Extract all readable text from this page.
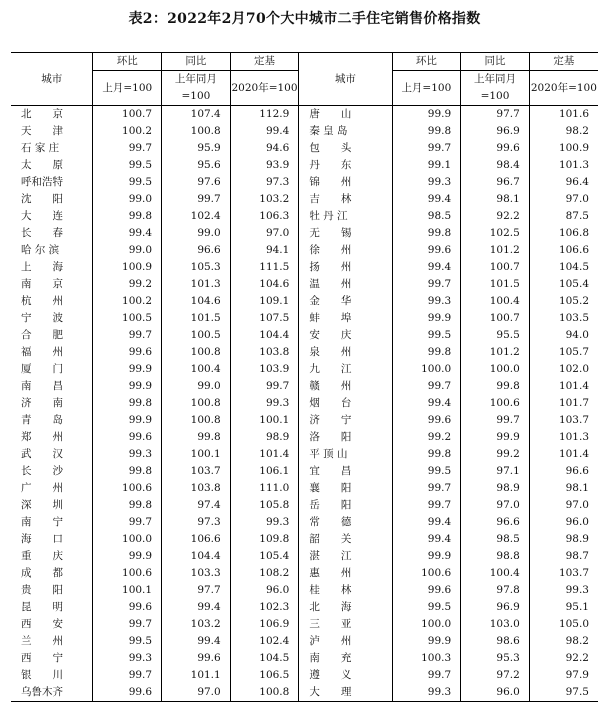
表2：2022年2月70个大中城市二手住宅销售价格指数
城市	环比	同比	定基	城市	环比	同比	定基
	上月=100	上年同月=100	2020年=100		上月=100	上年同月=100	2020年=100
北　　京	100.7	107.4	112.9	唐　　山	99.9	97.7	101.6
天　　津	100.2	100.8	99.4	秦 皇 岛	99.8	96.9	98.2
石 家 庄	99.7	95.9	94.6	包　　头	99.7	99.6	100.9
太　　原	99.5	95.6	93.9	丹　　东	99.1	98.4	101.3
呼和浩特	99.5	97.6	97.3	锦　　州	99.3	96.7	96.4
沈　　阳	99.0	99.7	103.2	吉　　林	99.4	98.1	97.0
大　　连	99.8	102.4	106.3	牡 丹 江	98.5	92.2	87.5
长　　春	99.4	99.0	97.0	无　　锡	99.8	102.5	106.8
哈 尔 滨	99.0	96.6	94.1	徐　　州	99.6	101.2	106.6
上　　海	100.9	105.3	111.5	扬　　州	99.4	100.7	104.5
南　　京	99.2	101.3	104.6	温　　州	99.7	101.5	105.4
杭　　州	100.2	104.6	109.1	金　　华	99.3	100.4	105.2
宁　　波	100.5	101.5	107.5	蚌　　埠	99.9	100.7	103.5
合　　肥	99.7	100.5	104.4	安　　庆	99.5	95.5	94.0
福　　州	99.6	100.8	103.8	泉　　州	99.8	101.2	105.7
厦　　门	99.9	100.4	103.9	九　　江	100.0	100.0	102.0
南　　昌	99.9	99.0	99.7	赣　　州	99.7	99.8	101.4
济　　南	99.8	100.8	99.3	烟　　台	99.4	100.6	101.7
青　　岛	99.9	100.8	100.1	济　　宁	99.6	99.7	103.7
郑　　州	99.6	99.8	98.9	洛　　阳	99.2	99.9	101.3
武　　汉	99.3	100.1	101.4	平 顶 山	99.8	99.2	101.4
长　　沙	99.8	103.7	106.1	宜　　昌	99.5	97.1	96.6
广　　州	100.6	103.8	111.0	襄　　阳	99.7	98.9	98.1
深　　圳	99.8	97.4	105.8	岳　　阳	99.7	97.0	97.0
南　　宁	99.7	97.3	99.3	常　　德	99.4	96.6	96.0
海　　口	100.0	106.6	109.8	韶　　关	99.4	98.5	98.9
重　　庆	99.9	104.4	105.4	湛　　江	99.9	98.8	98.7
成　　都	100.6	103.3	108.2	惠　　州	100.6	100.4	103.7
贵　　阳	100.1	97.7	96.0	桂　　林	99.6	97.8	99.3
昆　　明	99.6	99.4	102.3	北　　海	99.5	96.9	95.1
西　　安	99.7	103.2	106.9	三　　亚	100.0	103.0	105.0
兰　　州	99.5	99.4	102.4	泸　　州	99.9	98.6	98.2
西　　宁	99.3	99.6	104.5	南　　充	100.3	95.3	92.2
银　　川	99.7	101.1	106.5	遵　　义	99.7	97.2	97.9
乌鲁木齐	99.6	97.0	100.8	大　　理	99.3	96.0	97.5
